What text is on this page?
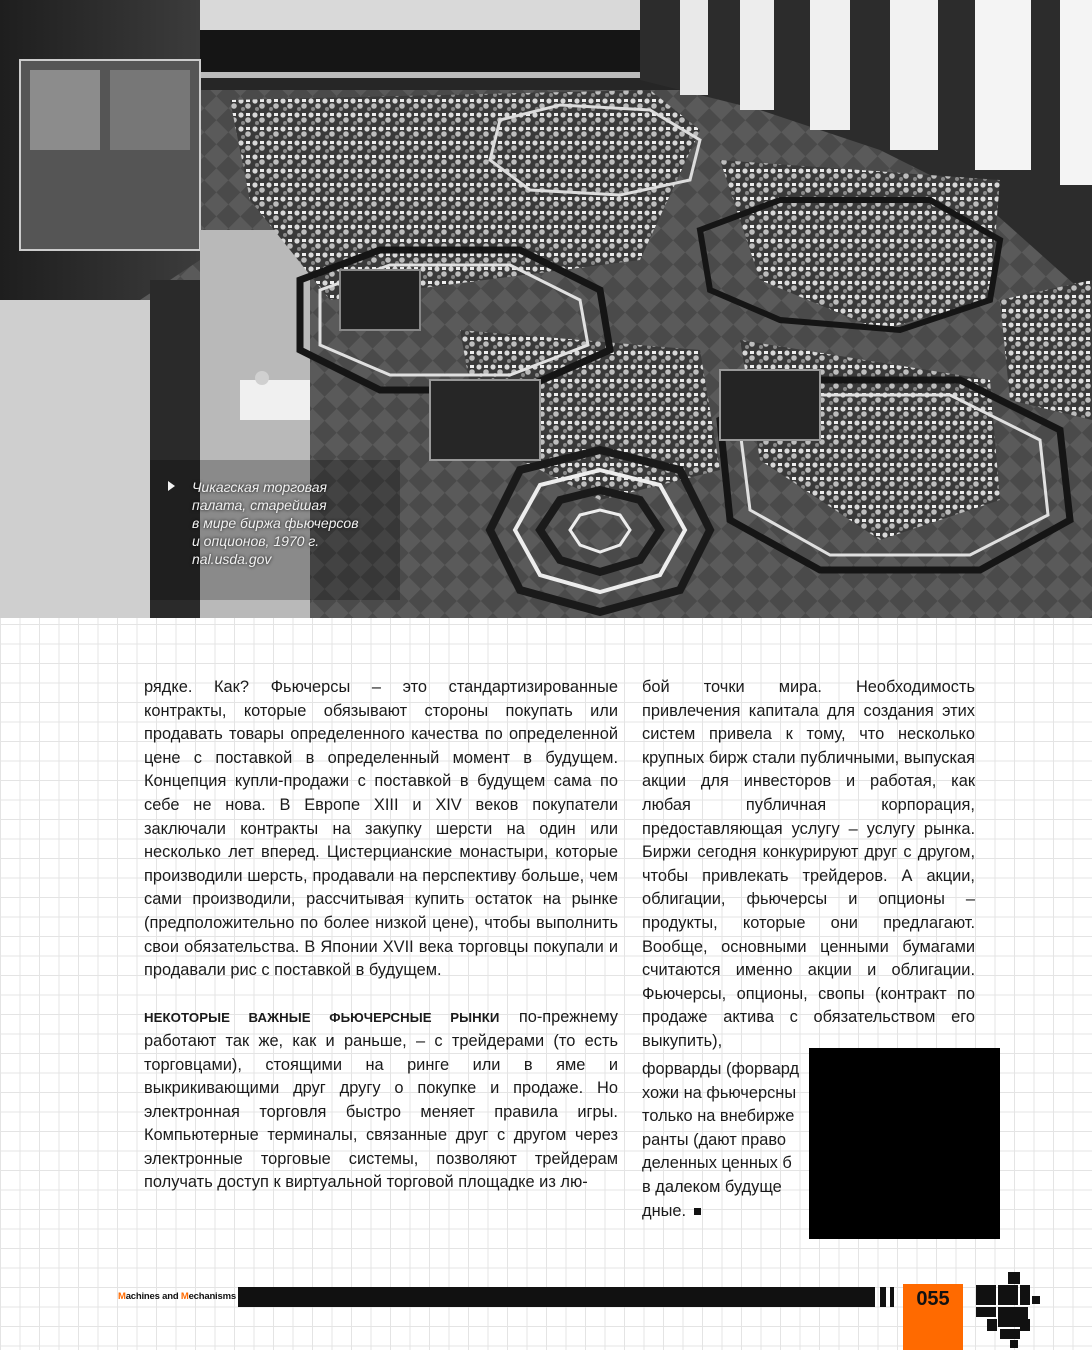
Чикагская торговая
палата, старейшая
в мире биржа фьючерсов
и опционов, 1970 г.
nal.usda.gov

рядке. Как? Фьючерсы – это стандартизированные контракты, которые обязывают стороны покупать или продавать товары определенного качества по определенной цене с поставкой в определенный момент в будущем. Концепция купли-продажи с поставкой в будущем сама по себе не нова. В Европе XIII и XIV веков покупатели заключали контракты на закупку шерсти на один или несколько лет вперед. Цистерцианские монастыри, которые производили шерсть, продавали на перспективу больше, чем сами производили, рассчитывая купить остаток на рынке (предположительно по более низкой цене), чтобы выполнить свои обязательства. В Японии XVII века торговцы покупали и продавали рис с поставкой в будущем.

НЕКОТОРЫЕ ВАЖНЫЕ ФЬЮЧЕРСНЫЕ РЫНКИ по-прежнему работают так же, как и раньше, – с трейдерами (то есть торговцами), стоящими на ринге или в яме и выкрикивающими друг другу о покупке и продаже. Но электронная торговля быстро меняет правила игры. Компьютерные терминалы, связанные друг с другом через электронные торговые системы, позволяют трейдерам получать доступ к виртуальной торговой площадке из лю-

бой точки мира. Необходимость привлечения капитала для создания этих систем привела к тому, что несколько крупных бирж стали публичными, выпуская акции для инвесторов и работая, как любая публичная корпорация, предоставляющая услугу – услугу рынка. Биржи сегодня конкурируют друг с другом, чтобы привлекать трейдеров. А акции, облигации, фьючерсы и опционы – продукты, которые они предлагают. Вообще, основными ценными бумагами считаются именно акции и облигации. Фьючерсы, опционы, свопы (контракт по продаже актива с обязательством его выкупить),

форварды (форвард
хожи на фьючерсны
только на внебирже
ранты (дают право
деленных ценных б
в далеком будуще
дные.
Machines and Mechanisms	055
